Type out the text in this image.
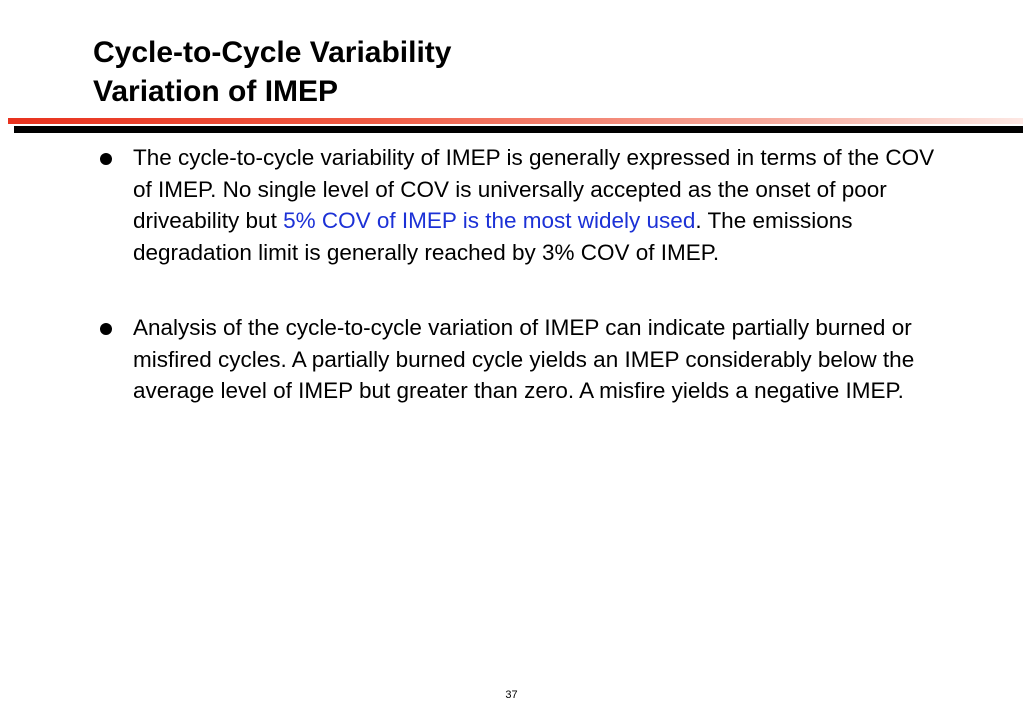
Cycle-to-Cycle Variability
Variation of IMEP
The cycle-to-cycle variability of IMEP is generally expressed in terms of the COV of IMEP. No single level of COV is universally accepted as the onset of poor driveability but 5% COV of IMEP is the most widely used. The emissions degradation limit is generally reached by 3% COV of IMEP.
Analysis of the cycle-to-cycle variation of IMEP can indicate partially burned or misfired cycles. A partially burned cycle yields an IMEP considerably below the average level of IMEP but greater than zero. A misfire yields a negative IMEP.
37
